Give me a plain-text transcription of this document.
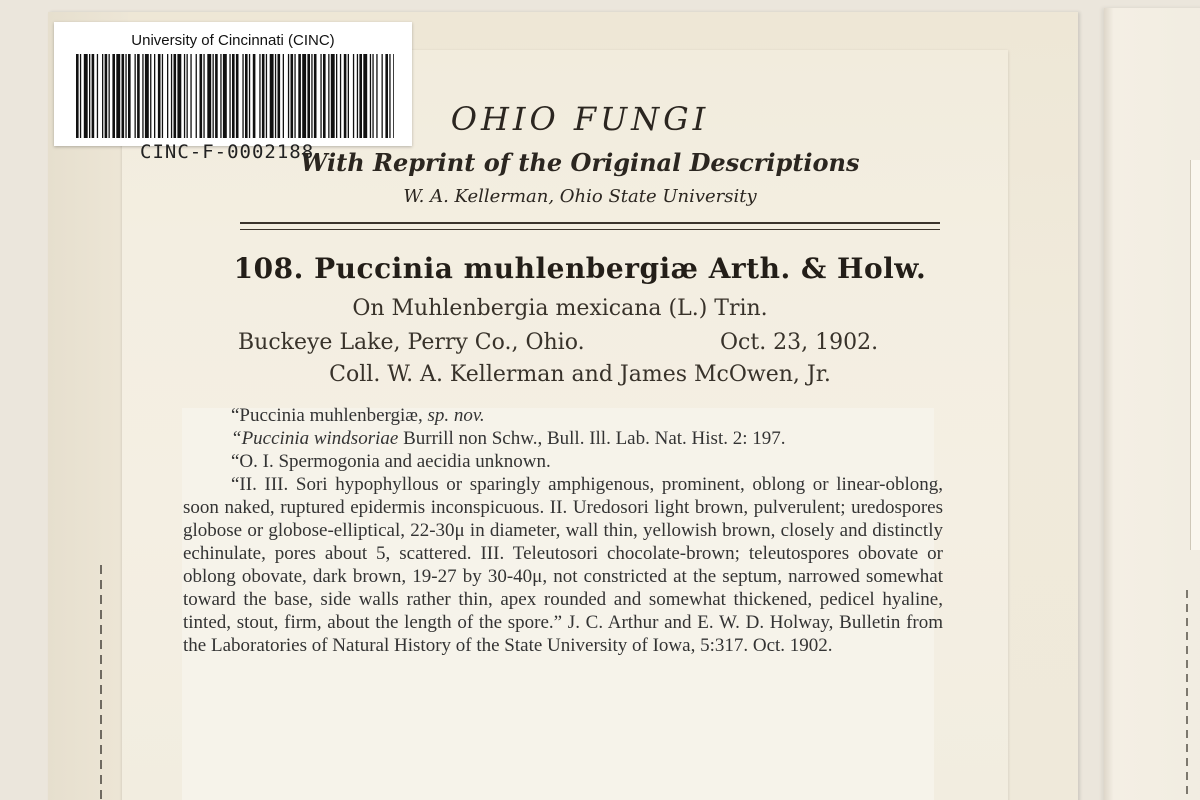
OHIO FUNGI
With Reprint of the Original Descriptions
W. A. Kellerman, Ohio State University
108. Puccinia muhlenbergiæ Arth. & Holw.
On Muhlenbergia mexicana (L.) Trin.
Buckeye Lake, Perry Co., Ohio.	Oct. 23, 1902.
Coll. W. A. Kellerman and James McOwen, Jr.

“Puccinia muhlenbergiæ, sp. nov.

“Puccinia windsoriae Burrill non Schw., Bull. Ill. Lab. Nat. Hist. 2: 197.

“O. I. Spermogonia and aecidia unknown.

“II. III. Sori hypophyllous or sparingly amphigenous, prominent, oblong or linear-oblong, soon naked, ruptured epidermis inconspicuous. II. Uredosori light brown, pulverulent; uredospores globose or globose-elliptical, 22-30μ in diameter, wall thin, yellowish brown, closely and distinctly echinulate, pores about 5, scattered. III. Teleutosori chocolate-brown; teleutospores obovate or oblong obovate, dark brown, 19-27 by 30-40μ, not constricted at the septum, narrowed somewhat toward the base, side walls rather thin, apex rounded and somewhat thickened, pedicel hyaline, tinted, stout, firm, about the length of the spore.” J. C. Arthur and E. W. D. Holway, Bulletin from the Laboratories of Natural History of the State University of Iowa, 5:317. Oct. 1902.

University of Cincinnati (CINC)
CINC-F-0002188
